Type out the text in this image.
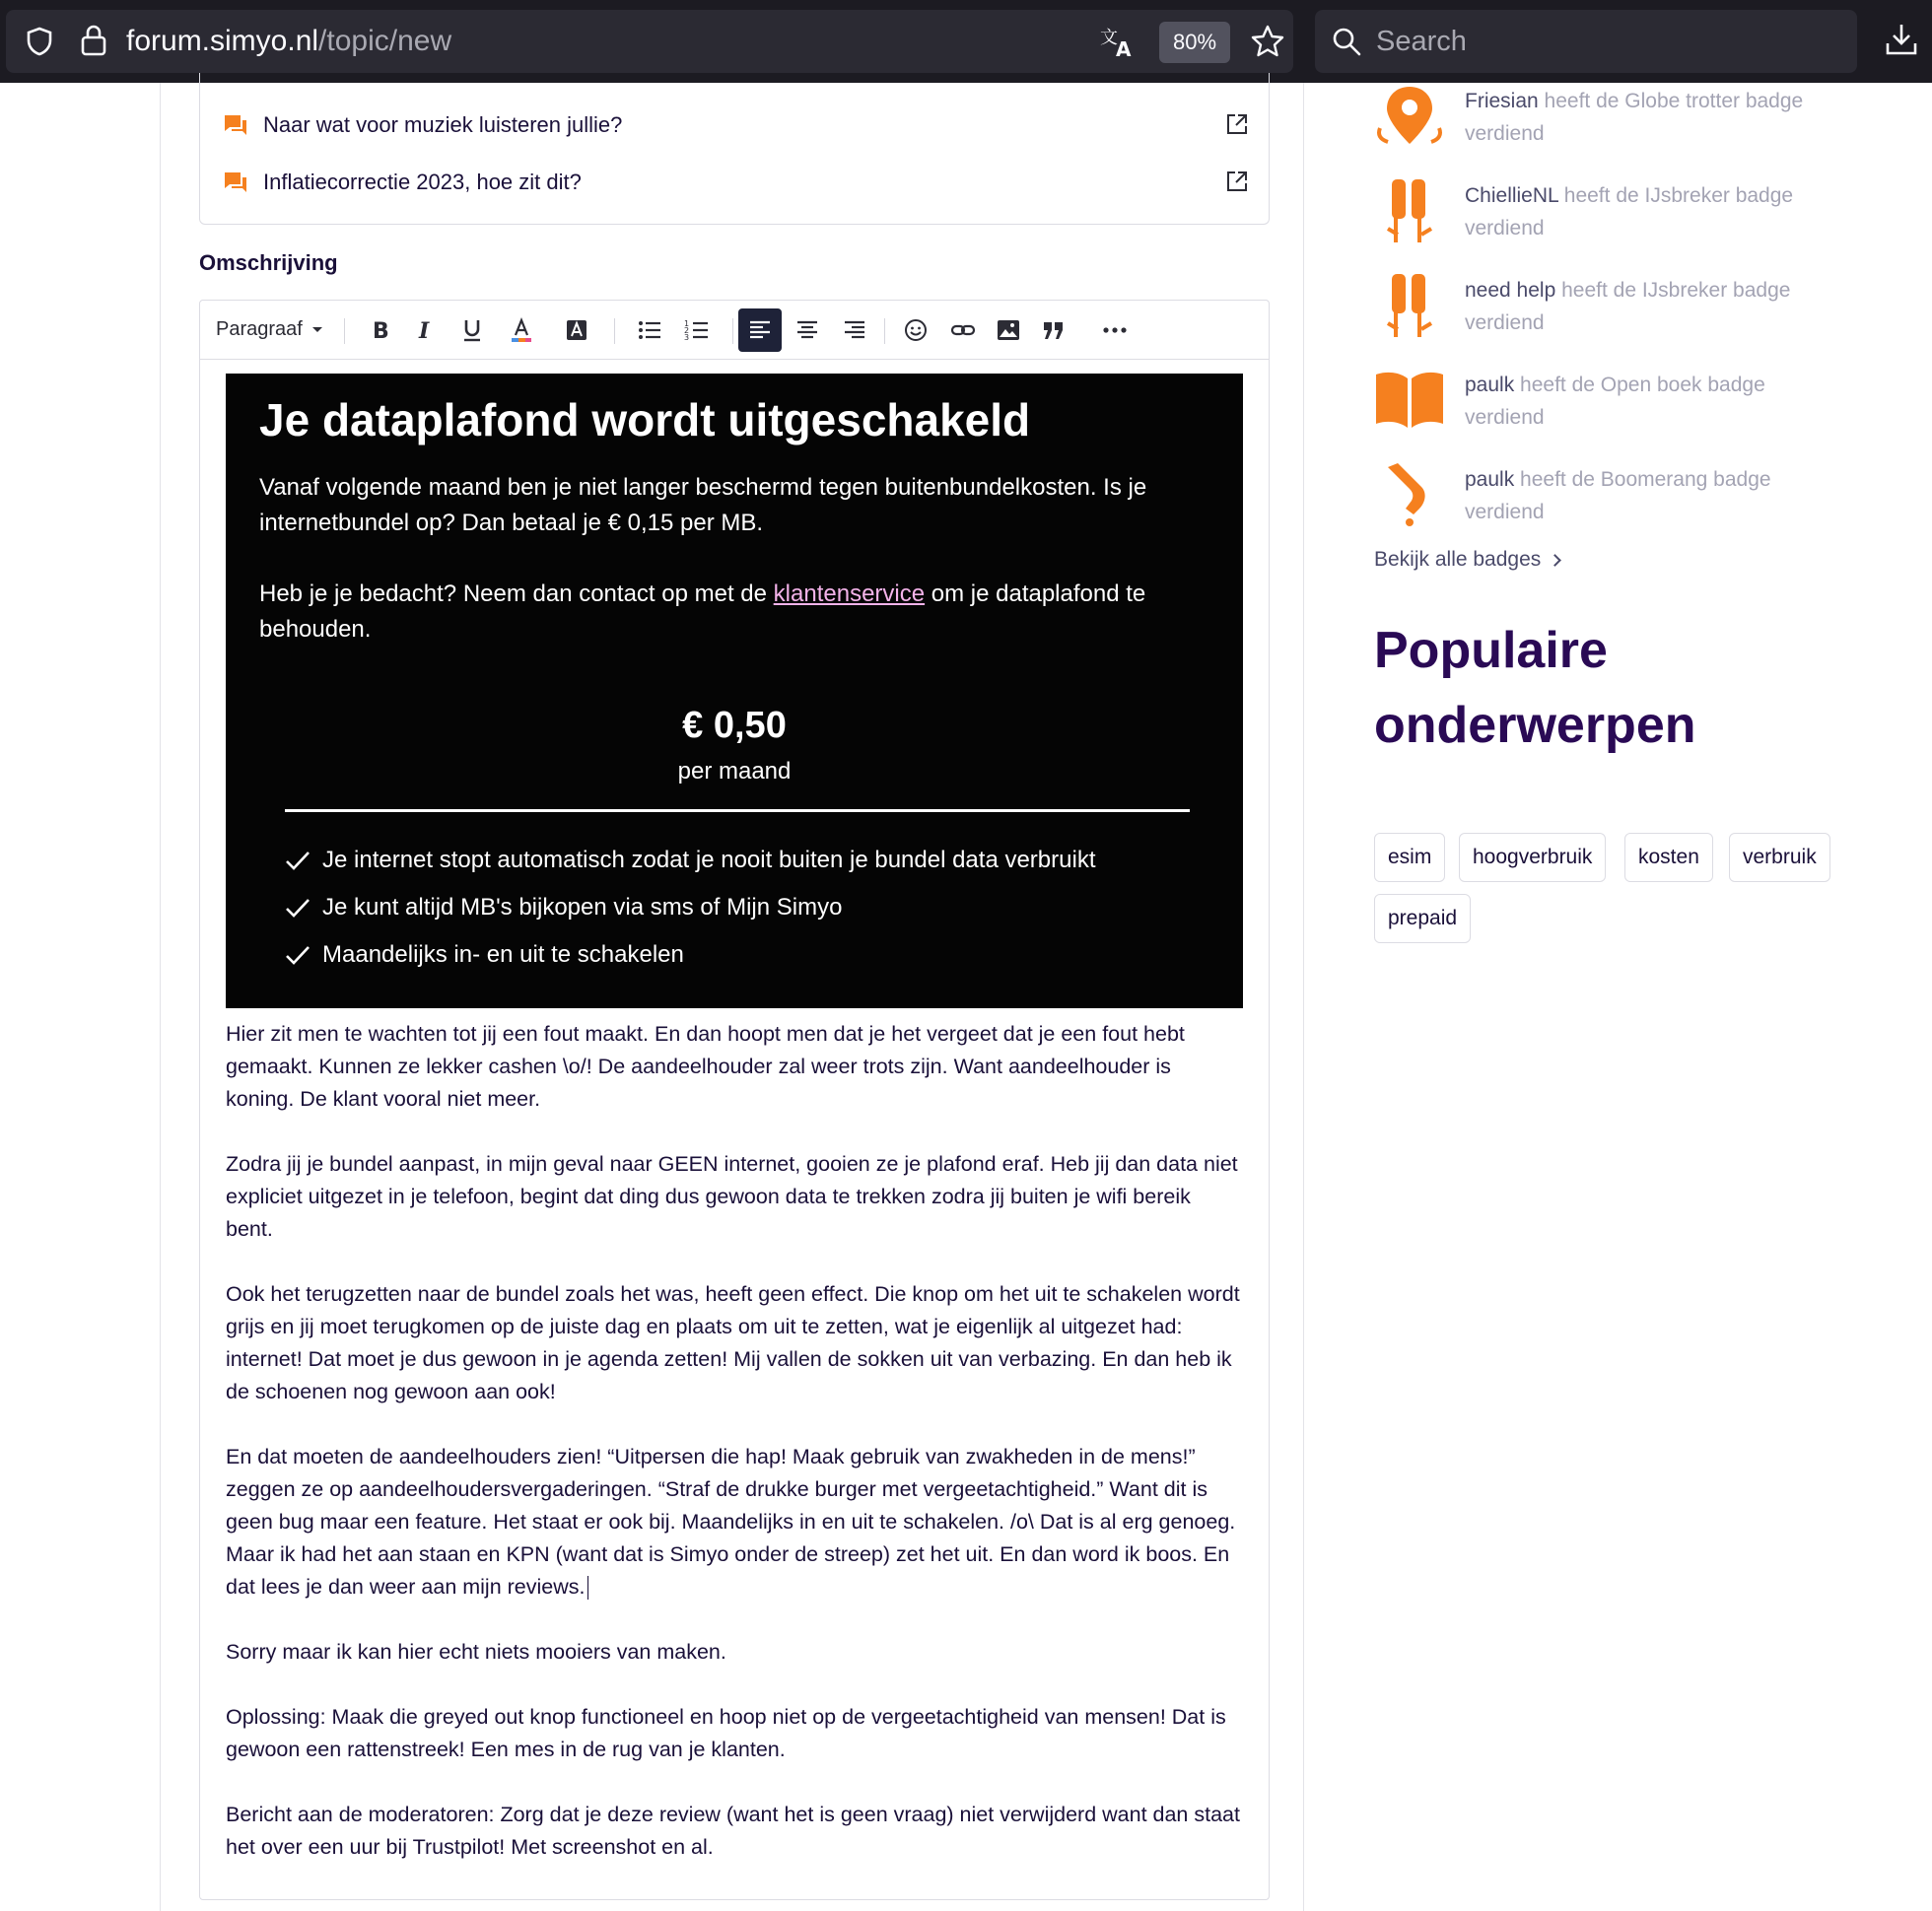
forum.simyo.nl/topic/new	文
A	80%
Search
Naar wat voor muziek luisteren jullie?
Inflatiecorrectie 2023, hoe zit dit?
Omschrijving
Paragraaf	B I	1
2
3
Je dataplafond wordt uitgeschakeld
Vanaf volgende maand ben je niet langer beschermd tegen buitenbundelkosten. Is je internetbundel op? Dan betaal je € 0,15 per MB.
Heb je je bedacht? Neem dan contact op met de klantenservice om je dataplafond te behouden.
€ 0,50
per maand
Je internet stopt automatisch zodat je nooit buiten je bundel data verbruikt
Je kunt altijd MB's bijkopen via sms of Mijn Simyo
Maandelijks in- en uit te schakelen
Hier zit men te wachten tot jij een fout maakt. En dan hoopt men dat je het vergeet dat je een fout hebt gemaakt. Kunnen ze lekker cashen \o/! De aandeelhouder zal weer trots zijn. Want aandeelhouder is koning. De klant vooral niet meer.
Zodra jij je bundel aanpast, in mijn geval naar GEEN internet, gooien ze je plafond eraf. Heb jij dan data niet expliciet uitgezet in je telefoon, begint dat ding dus gewoon data te trekken zodra jij buiten je wifi bereik bent.
Ook het terugzetten naar de bundel zoals het was, heeft geen effect. Die knop om het uit te schakelen wordt grijs en jij moet terugkomen op de juiste dag en plaats om uit te zetten, wat je eigenlijk al uitgezet had: internet! Dat moet je dus gewoon in je agenda zetten! Mij vallen de sokken uit van verbazing. En dan heb ik de schoenen nog gewoon aan ook!
En dat moeten de aandeelhouders zien! “Uitpersen die hap! Maak gebruik van zwakheden in de mens!” zeggen ze op aandeelhoudersvergaderingen. “Straf de drukke burger met vergeetachtigheid.” Want dit is geen bug maar een feature. Het staat er ook bij. Maandelijks in en uit te schakelen. /o\ Dat is al erg genoeg. Maar ik had het aan staan en KPN (want dat is Simyo onder de streep) zet het uit. En dan word ik boos. En dat lees je dan weer aan mijn reviews.
Sorry maar ik kan hier echt niets mooiers van maken.
Oplossing: Maak die greyed out knop functioneel en hoop niet op de vergeetachtigheid van mensen! Dat is gewoon een rattenstreek! Een mes in de rug van je klanten.
Bericht aan de moderatoren: Zorg dat je deze review (want het is geen vraag) niet verwijderd want dan staat het over een uur bij Trustpilot! Met screenshot en al.
Friesian heeft de Globe trotter badge verdiend
ChiellieNL heeft de IJsbreker badge verdiend
need help heeft de IJsbreker badge verdiend
paulk heeft de Open boek badge verdiend
paulk heeft de Boomerang badge verdiend
Bekijk alle badges
Populaire onderwerpen
esim	hoogverbruik	kosten	verbruik
prepaid
